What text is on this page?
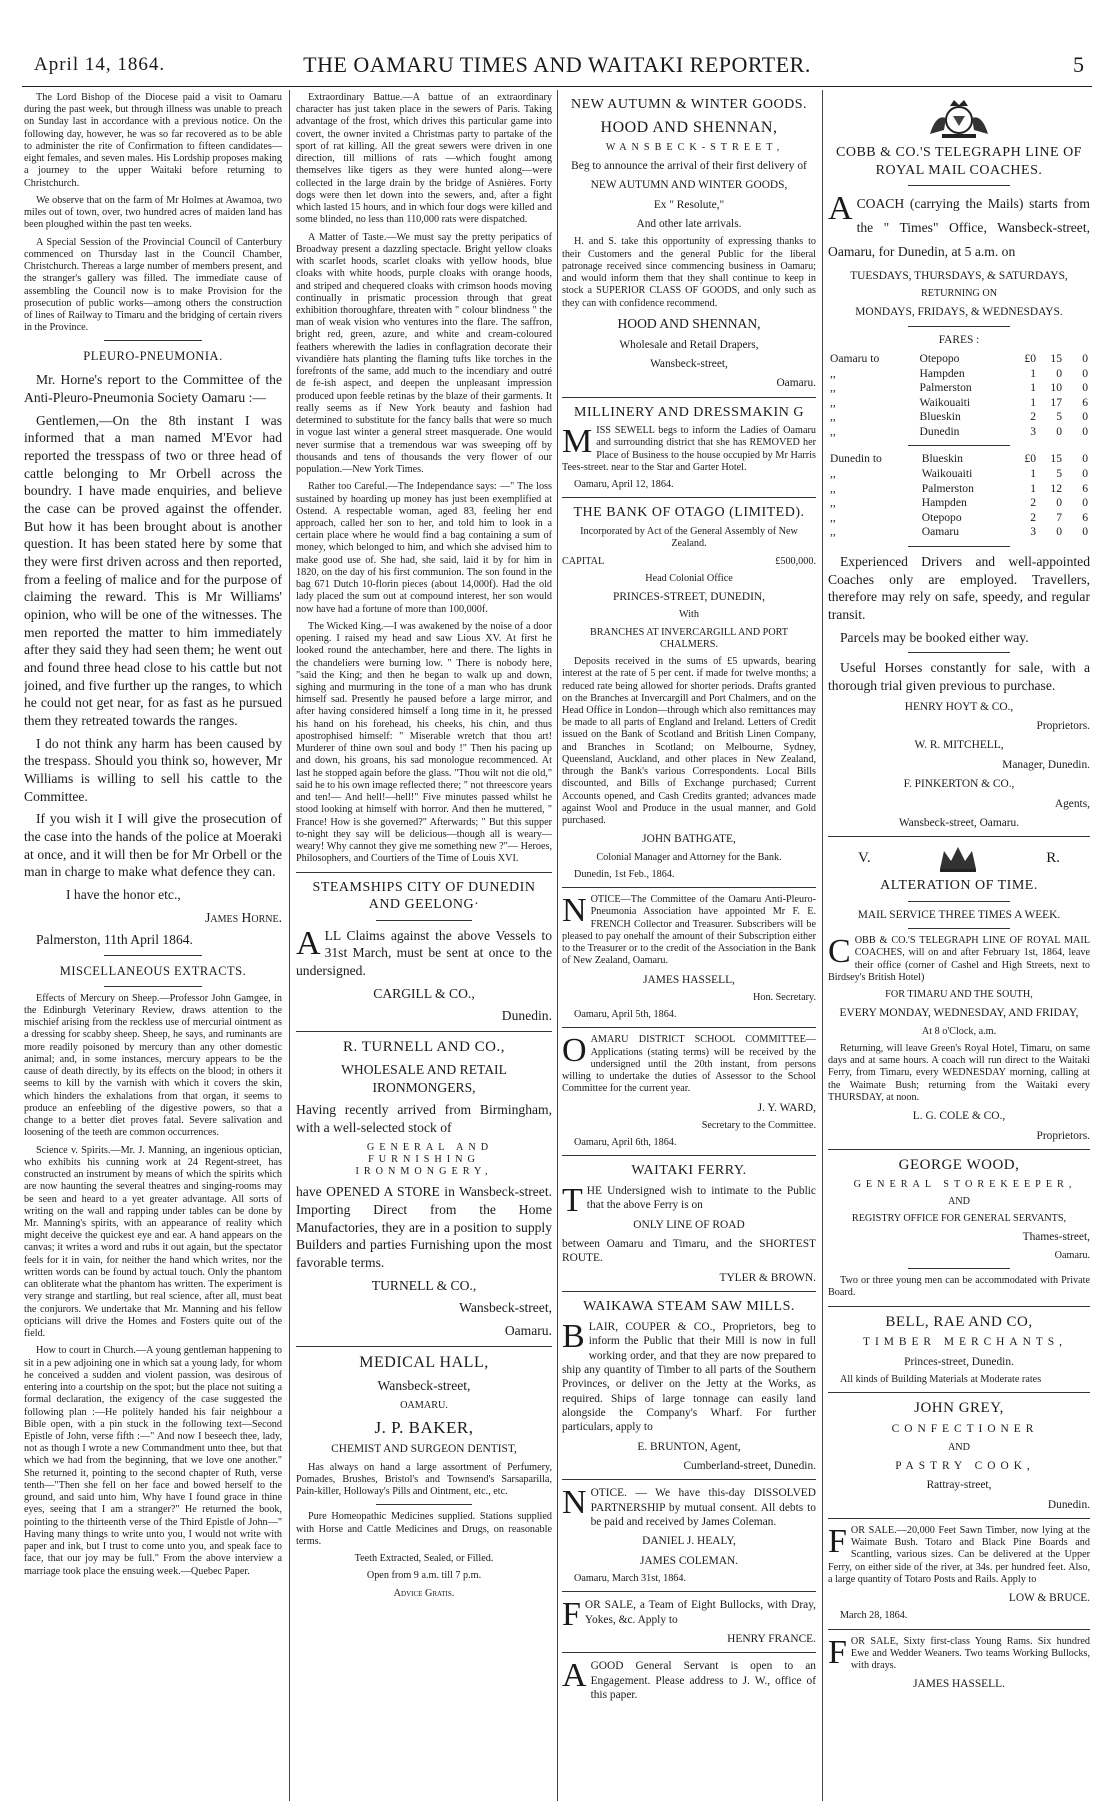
April 14, 1864.	THE OAMARU TIMES AND WAITAKI REPORTER.	5

The Lord Bishop of the Diocese paid a visit to Oamaru during the past week, but through illness was unable to preach on Sunday last in accordance with a previous notice. On the following day, however, he was so far recovered as to be able to administer the rite of Confirmation to fifteen candidates—eight females, and seven males. His Lordship proposes making a journey to the upper Waitaki before returning to Christchurch.

We observe that on the farm of Mr Holmes at Awamoa, two miles out of town, over, two hundred acres of maiden land has been ploughed within the past ten weeks.

A Special Session of the Provincial Council of Canterbury commenced on Thursday last in the Council Chamber, Christchurch. Thereas a large number of members present, and the stranger's gallery was filled. The immediate cause of assembling the Council now is to make Provision for the prosecution of public works—among others the construction of lines of Railway to Timaru and the bridging of certain rivers in the Province.

PLEURO-PNEUMONIA.

Mr. Horne's report to the Committee of the Anti-Pleuro-Pneumonia Society Oamaru :—

Gentlemen,—On the 8th instant I was informed that a man named M'Evor had reported the tresspass of two or three head of cattle belonging to Mr Orbell across the boundry. I have made enquiries, and believe the case can be proved against the offender. But how it has been brought about is another question. It has been stated here by some that they were first driven across and then reported, from a feeling of malice and for the purpose of claiming the reward. This is Mr Williams' opinion, who will be one of the witnesses. The men reported the matter to him immediately after they said they had seen them; he went out and found three head close to his cattle but not joined, and five further up the ranges, to which he could not get near, for as fast as he pursued them they retreated towards the ranges.

I do not think any harm has been caused by the trespass. Should you think so, however, Mr Williams is willing to sell his cattle to the Committee.

If you wish it I will give the prosecution of the case into the hands of the police at Moeraki at once, and it will then be for Mr Orbell or the man in charge to make what defence they can.

I have the honor etc.,

James Horne.

Palmerston, 11th April 1864.

MISCELLANEOUS EXTRACTS.

Effects of Mercury on Sheep.—Professor John Gamgee, in the Edinburgh Veterinary Review, draws attention to the mischief arising from the reckless use of mercurial ointment as a dressing for scabby sheep. Sheep, he says, and ruminants are more readily poisoned by mercury than any other domestic animal; and, in some instances, mercury appears to be the cause of death directly, by its effects on the blood; in others it seems to kill by the varnish with which it covers the skin, which hinders the exhalations from that organ, it seems to produce an enfeebling of the digestive powers, so that a change to a better diet proves fatal. Severe salivation and loosening of the teeth are common occurrences.

Science v. Spirits.—Mr. J. Manning, an ingenious optician, who exhibits his cunning work at 24 Regent-street, has constructed an instrument by means of which the spirits which are now haunting the several theatres and singing-rooms may be seen and heard to a yet greater advantage. All sorts of writing on the wall and rapping under tables can be done by Mr. Manning's spirits, with an appearance of reality which might deceive the quickest eye and ear. A hand appears on the canvas; it writes a word and rubs it out again, but the spectator feels for it in vain, for neither the hand which writes, nor the written words can be found by actual touch. Only the phantom can obliterate what the phantom has written. The experiment is very strange and startling, but real science, after all, must beat the conjurors. We undertake that Mr. Manning and his fellow opticians will drive the Homes and Fosters quite out of the field.

How to court in Church.—A young gentleman happening to sit in a pew adjoining one in which sat a young lady, for whom he conceived a sudden and violent passion, was desirous of entering into a courtship on the spot; but the place not suiting a formal declaration, the exigency of the case suggested the following plan :—He politely handed his fair neighbour a Bible open, with a pin stuck in the following text—Second Epistle of John, verse fifth :—" And now I beseech thee, lady, not as though I wrote a new Commandment unto thee, but that which we had from the beginning, that we love one another." She returned it, pointing to the second chapter of Ruth, verse tenth—"Then she fell on her face and bowed herself to the ground, and said unto him, Why have I found grace in thine eyes, seeing that I am a stranger?" He returned the book, pointing to the thirteenth verse of the Third Epistle of John—" Having many things to write unto you, I would not write with paper and ink, but I trust to come unto you, and speak face to face, that our joy may be full." From the above interview a marriage took place the ensuing week.—Quebec Paper.

Extraordinary Battue.—A battue of an extraordinary character has just taken place in the sewers of Paris. Taking advantage of the frost, which drives this particular game into covert, the owner invited a Christmas party to partake of the sport of rat killing. All the great sewers were driven in one direction, till millions of rats —which fought among themselves like tigers as they were hunted along—were collected in the large drain by the bridge of Asnières. Forty dogs were then let down into the sewers, and, after a fight which lasted 15 hours, and in which four dogs were killed and some blinded, no less than 110,000 rats were dispatched.

A Matter of Taste.—We must say the pretty peripatics of Broadway present a dazzling spectacle. Bright yellow cloaks with scarlet hoods, scarlet cloaks with yellow hoods, blue cloaks with white hoods, purple cloaks with orange hoods, and striped and chequered cloaks with crimson hoods moving continually in prismatic procession through that great exhibition thoroughfare, threaten with " colour blindness " the man of weak vision who ventures into the flare. The saffron, bright red, green, azure, and white and cream-coloured feathers wherewith the ladies in conflagration decorate their vivandière hats planting the flaming tufts like torches in the forefronts of the same, add much to the incendiary and outré de fe-ish aspect, and deepen the unpleasant impression produced upon feeble retinas by the blaze of their garments. It really seems as if New York beauty and fashion had determined to substitute for the fancy balls that were so much in vogue last winter a general street masquerade. One would never surmise that a tremendous war was sweeping off by thousands and tens of thousands the very flower of our population.—New York Times.

Rather too Careful.—The Independance says: —" The loss sustained by hoarding up money has just been exemplified at Ostend. A respectable woman, aged 83, feeling her end approach, called her son to her, and told him to look in a certain place where he would find a bag containing a sum of money, which belonged to him, and which she advised him to make good use of. She had, she said, laid it by for him in 1820, on the day of his first communion. The son found in the bag 671 Dutch 10-florin pieces (about 14,000f). Had the old lady placed the sum out at compound interest, her son would now have had a fortune of more than 100,000f.

The Wicked King.—I was awakened by the noise of a door opening. I raised my head and saw Lious XV. At first he looked round the antechamber, here and there. The lights in the chandeliers were burning low. " There is nobody here, "said the King; and then he began to walk up and down, sighing and murmuring in the tone of a man who has drunk himself sad. Presently he paused before a large mirror, and after having considered himself a long time in it, he pressed his hand on his forehead, his cheeks, his chin, and thus apostrophised himself: " Miserable wretch that thou art! Murderer of thine own soul and body !" Then his pacing up and down, his groans, his sad monologue recommenced. At last he stopped again before the glass. "Thou wilt not die old," said he to his own image reflected there; " not threescore years and ten!— And hell!—hell!" Five minutes passed whilst he stood looking at himself with horror. And then he muttered, " France! How is she governed?" Afterwards; " But this supper to-night they say will be delicious—though all is weary—weary! Why cannot they give me something new ?"— Heroes, Philosophers, and Courtiers of the Time of Louis XVI.

STEAMSHIPS CITY OF DUNEDIN AND GEELONG·
A LL Claims against the above Vessels to 31st March, must be sent at once to the undersigned.

CARGILL & CO.,

Dunedin.

R. TURNELL AND CO.,

WHOLESALE AND RETAIL IRONMONGERS,

Having recently arrived from Birmingham, with a well-selected stock of

GENERAL AND FURNISHING IRONMONGERY,

have OPENED A STORE in Wansbeck-street. Importing Direct from the Home Manufactories, they are in a position to supply Builders and parties Furnishing upon the most favorable terms.

TURNELL & CO.,

Wansbeck-street,

Oamaru.

MEDICAL HALL,

Wansbeck-street,

OAMARU.

J. P. BAKER,

CHEMIST AND SURGEON DENTIST,

Has always on hand a large assortment of Perfumery, Pomades, Brushes, Bristol's and Townsend's Sarsaparilla, Pain-killer, Holloway's Pills and Ointment, etc., etc.

Pure Homeopathic Medicines supplied. Stations supplied with Horse and Cattle Medicines and Drugs, on reasonable terms.

Teeth Extracted, Sealed, or Filled.

Open from 9 a.m. till 7 p.m.

Advice Gratis.

NEW AUTUMN & WINTER GOODS.
HOOD AND SHENNAN,

WANSBECK-STREET,

Beg to announce the arrival of their first delivery of

NEW AUTUMN AND WINTER GOODS,

Ex " Resolute,"

And other late arrivals.

H. and S. take this opportunity of expressing thanks to their Customers and the general Public for the liberal patronage received since commencing business in Oamaru; and would inform them that they shall continue to keep in stock a SUPERIOR CLASS OF GOODS, and only such as they can with confidence recommend.

HOOD AND SHENNAN,

Wholesale and Retail Drapers,

Wansbeck-street,

Oamaru.

MILLINERY AND DRESSMAKIN G
M ISS SEWELL begs to inform the Ladies of Oamaru and surrounding district that she has REMOVED her Place of Business to the house occupied by Mr Harris Tees-street. near to the Star and Garter Hotel.

Oamaru, April 12, 1864.

THE BANK OF OTAGO (LIMITED).

Incorporated by Act of the General Assembly of New Zealand.

CAPITAL	£500,000.

Head Colonial Office

PRINCES-STREET, DUNEDIN,

With

BRANCHES AT INVERCARGILL AND PORT CHALMERS.

Deposits received in the sums of £5 upwards, bearing interest at the rate of 5 per cent. if made for twelve months; a reduced rate being allowed for shorter periods. Drafts granted on the Branches at Invercargill and Port Chalmers, and on the Head Office in London—through which also remittances may be made to all parts of England and Ireland. Letters of Credit issued on the Bank of Scotland and British Linen Company, and Branches in Scotland; on Melbourne, Sydney, Queensland, Auckland, and other places in New Zealand, through the Bank's various Correspondents. Local Bills discounted, and Bills of Exchange purchased; Current Accounts opened, and Cash Credits granted; advances made against Wool and Produce in the usual manner, and Gold purchased.

JOHN BATHGATE,

Colonial Manager and Attorney for the Bank.

Dunedin, 1st Feb., 1864.

N OTICE—The Committee of the Oamaru Anti-Pleuro-Pneumonia Association have appointed Mr F. E. FRENCH Collector and Treasurer. Subscribers will be pleased to pay onehalf the amount of their Subscription either to the Treasurer or to the credit of the Association in the Bank of New Zealand, Oamaru.

JAMES HASSELL,

Hon. Secretary.

Oamaru, April 5th, 1864.

O AMARU DISTRICT SCHOOL COMMITTEE—Applications (stating terms) will be received by the undersigned until the 20th instant, from persons willing to undertake the duties of Assessor to the School Committee for the current year.

J. Y. WARD,

Secretary to the Committee.

Oamaru, April 6th, 1864.

WAITAKI FERRY.
T HE Undersigned wish to intimate to the Public that the above Ferry is on

ONLY LINE OF ROAD

between Oamaru and Timaru, and the SHORTEST ROUTE.

TYLER & BROWN.

WAIKAWA STEAM SAW MILLS.
B LAIR, COUPER & CO., Proprietors, beg to inform the Public that their Mill is now in full working order, and that they are now prepared to ship any quantity of Timber to all parts of the Southern Provinces, or deliver on the Jetty at the Works, as required. Ships of large tonnage can easily land alongside the Company's Wharf. For further particulars, apply to

E. BRUNTON, Agent,

Cumberland-street, Dunedin.

N OTICE. — We have this-day DISSOLVED PARTNERSHIP by mutual consent. All debts to be paid and received by James Coleman.

DANIEL J. HEALY,

JAMES COLEMAN.

Oamaru, March 31st, 1864.

F OR SALE, a Team of Eight Bullocks, with Dray, Yokes, &c. Apply to

HENRY FRANCE.

A GOOD General Servant is open to an Engagement. Please address to J. W., office of this paper.

COBB & CO.'S TELEGRAPH LINE OF ROYAL MAIL COACHES.
A COACH (carrying the Mails) starts from the " Times" Office, Wansbeck-street, Oamaru, for Dunedin, at 5 a.m. on

TUESDAYS, THURSDAYS, & SATURDAYS,

RETURNING ON

MONDAYS, FRIDAYS, & WEDNESDAYS.

FARES :

Oamaru to	Otepopo	£0	15	0
,,	Hampden	1	0	0
,,	Palmerston	1	10	0
,,	Waikouaiti	1	17	6
,,	Blueskin	2	5	0
,,	Dunedin	3	0	0
Dunedin to	Blueskin	£0	15	0
,,	Waikouaiti	1	5	0
,,	Palmerston	1	12	6
,,	Hampden	2	0	0
,,	Otepopo	2	7	6
,,	Oamaru	3	0	0

Experienced Drivers and well-appointed Coaches only are employed. Travellers, therefore may rely on safe, speedy, and regular transit.

Parcels may be booked either way.

Useful Horses constantly for sale, with a thorough trial given previous to purchase.

HENRY HOYT & CO.,

Proprietors.

W. R. MITCHELL,

Manager, Dunedin.

F. PINKERTON & CO.,

Agents,

Wansbeck-street, Oamaru.

V.	R.
ALTERATION OF TIME.

MAIL SERVICE THREE TIMES A WEEK.

C OBB & CO.'S TELEGRAPH LINE OF ROYAL MAIL COACHES, will on and after February 1st, 1864, leave their office (corner of Cashel and High Streets, next to Birdsey's British Hotel)

FOR TIMARU AND THE SOUTH,

EVERY MONDAY, WEDNESDAY, AND FRIDAY,

At 8 o'Clock, a.m.

Returning, will leave Green's Royal Hotel, Timaru, on same days and at same hours. A coach will run direct to the Waitaki Ferry, from Timaru, every WEDNESDAY morning, calling at the Waimate Bush; returning from the Waitaki every THURSDAY, at noon.

L. G. COLE & CO.,

Proprietors.

GEORGE WOOD,

GENERAL STOREKEEPER,

AND

REGISTRY OFFICE FOR GENERAL SERVANTS,

Thames-street,

Oamaru.

Two or three young men can be accommodated with Private Board.

BELL, RAE AND CO,

TIMBER MERCHANTS,

Princes-street, Dunedin.

All kinds of Building Materials at Moderate rates

JOHN GREY,

CONFECTIONER

AND

PASTRY COOK,

Rattray-street,

Dunedin.

F OR SALE.—20,000 Feet Sawn Timber, now lying at the Waimate Bush. Totaro and Black Pine Boards and Scantling, various sizes. Can be delivered at the Upper Ferry, on either side of the river, at 34s. per hundred feet. Also, a large quantity of Totaro Posts and Rails. Apply to

LOW & BRUCE.

March 28, 1864.

F OR SALE, Sixty first-class Young Rams. Six hundred Ewe and Wedder Weaners. Two teams Working Bullocks, with drays.

JAMES HASSELL.
